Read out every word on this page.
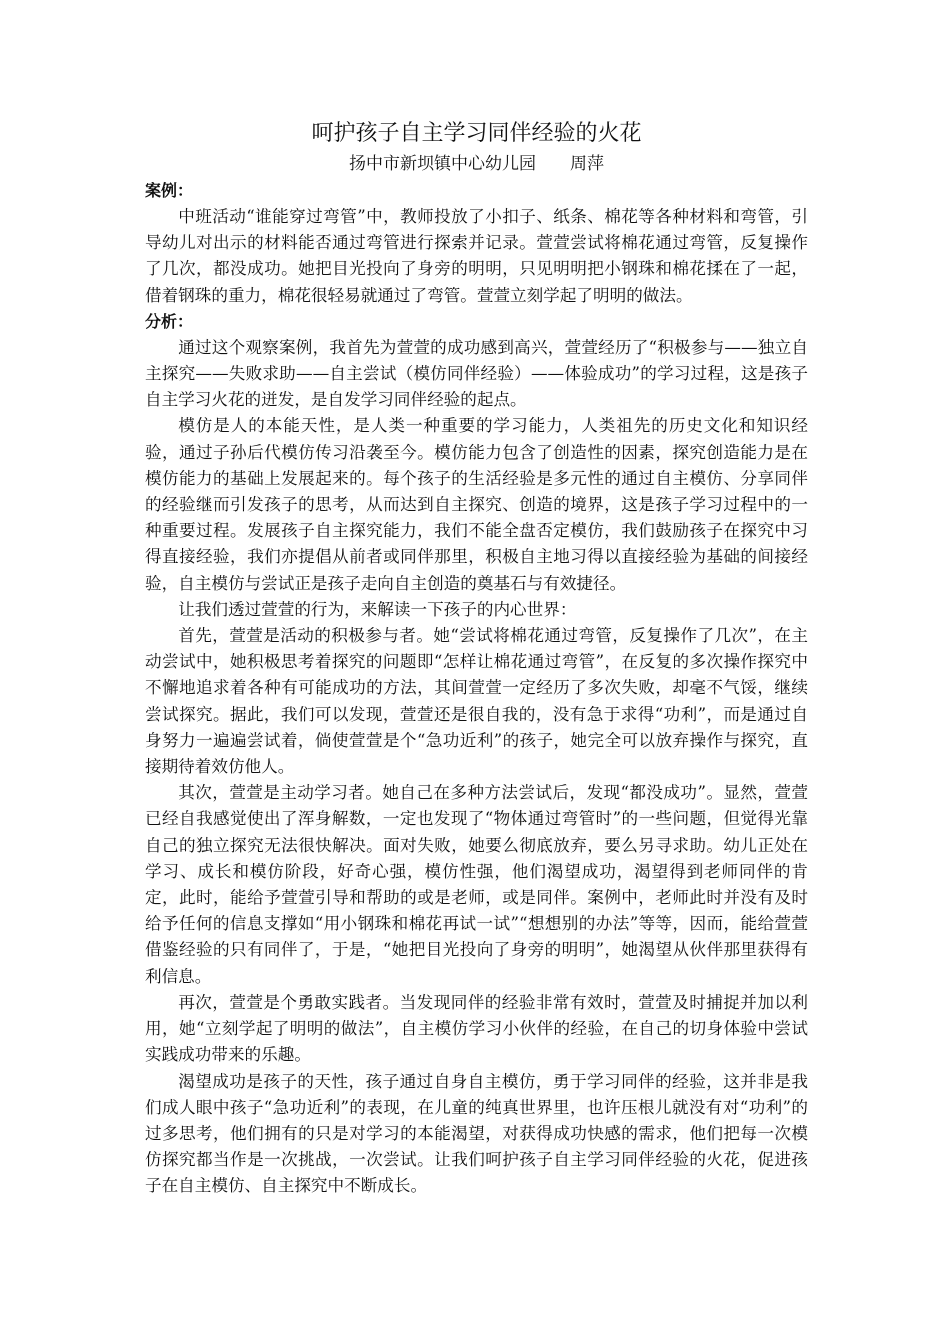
呵护孩子自主学习同伴经验的火花

扬中市新坝镇中心幼儿园　　周萍

案例：

中班活动“谁能穿过弯管”中，教师投放了小扣子、纸条、棉花等各种材料和弯管，引导幼儿对出示的材料能否通过弯管进行探索并记录。萱萱尝试将棉花通过弯管，反复操作了几次，都没成功。她把目光投向了身旁的明明，只见明明把小钢珠和棉花揉在了一起，借着钢珠的重力，棉花很轻易就通过了弯管。萱萱立刻学起了明明的做法。

分析：

通过这个观察案例，我首先为萱萱的成功感到高兴，萱萱经历了“积极参与——独立自主探究——失败求助——自主尝试（模仿同伴经验）——体验成功”的学习过程，这是孩子自主学习火花的迸发，是自发学习同伴经验的起点。

模仿是人的本能天性，是人类一种重要的学习能力，人类祖先的历史文化和知识经验，通过子孙后代模仿传习沿袭至今。模仿能力包含了创造性的因素，探究创造能力是在模仿能力的基础上发展起来的。每个孩子的生活经验是多元性的通过自主模仿、分享同伴的经验继而引发孩子的思考，从而达到自主探究、创造的境界，这是孩子学习过程中的一种重要过程。发展孩子自主探究能力，我们不能全盘否定模仿，我们鼓励孩子在探究中习得直接经验，我们亦提倡从前者或同伴那里，积极自主地习得以直接经验为基础的间接经验，自主模仿与尝试正是孩子走向自主创造的奠基石与有效捷径。

让我们透过萱萱的行为，来解读一下孩子的内心世界：

首先，萱萱是活动的积极参与者。她“尝试将棉花通过弯管，反复操作了几次”，在主动尝试中，她积极思考着探究的问题即“怎样让棉花通过弯管”，在反复的多次操作探究中不懈地追求着各种有可能成功的方法，其间萱萱一定经历了多次失败，却毫不气馁，继续尝试探究。据此，我们可以发现，萱萱还是很自我的，没有急于求得“功利”，而是通过自身努力一遍遍尝试着，倘使萱萱是个“急功近利”的孩子，她完全可以放弃操作与探究，直接期待着效仿他人。

其次，萱萱是主动学习者。她自己在多种方法尝试后，发现“都没成功”。显然，萱萱已经自我感觉使出了浑身解数，一定也发现了“物体通过弯管时”的一些问题，但觉得光靠自己的独立探究无法很快解决。面对失败，她要么彻底放弃，要么另寻求助。幼儿正处在学习、成长和模仿阶段，好奇心强，模仿性强，他们渴望成功，渴望得到老师同伴的肯定，此时，能给予萱萱引导和帮助的或是老师，或是同伴。案例中，老师此时并没有及时给予任何的信息支撑如“用小钢珠和棉花再试一试”“想想别的办法”等等，因而，能给萱萱借鉴经验的只有同伴了，于是，“她把目光投向了身旁的明明”，她渴望从伙伴那里获得有利信息。

再次，萱萱是个勇敢实践者。当发现同伴的经验非常有效时，萱萱及时捕捉并加以利用，她“立刻学起了明明的做法”，自主模仿学习小伙伴的经验，在自己的切身体验中尝试实践成功带来的乐趣。

渴望成功是孩子的天性，孩子通过自身自主模仿，勇于学习同伴的经验，这并非是我们成人眼中孩子“急功近利”的表现，在儿童的纯真世界里，也许压根儿就没有对“功利”的过多思考，他们拥有的只是对学习的本能渴望，对获得成功快感的需求，他们把每一次模仿探究都当作是一次挑战，一次尝试。让我们呵护孩子自主学习同伴经验的火花，促进孩子在自主模仿、自主探究中不断成长。
